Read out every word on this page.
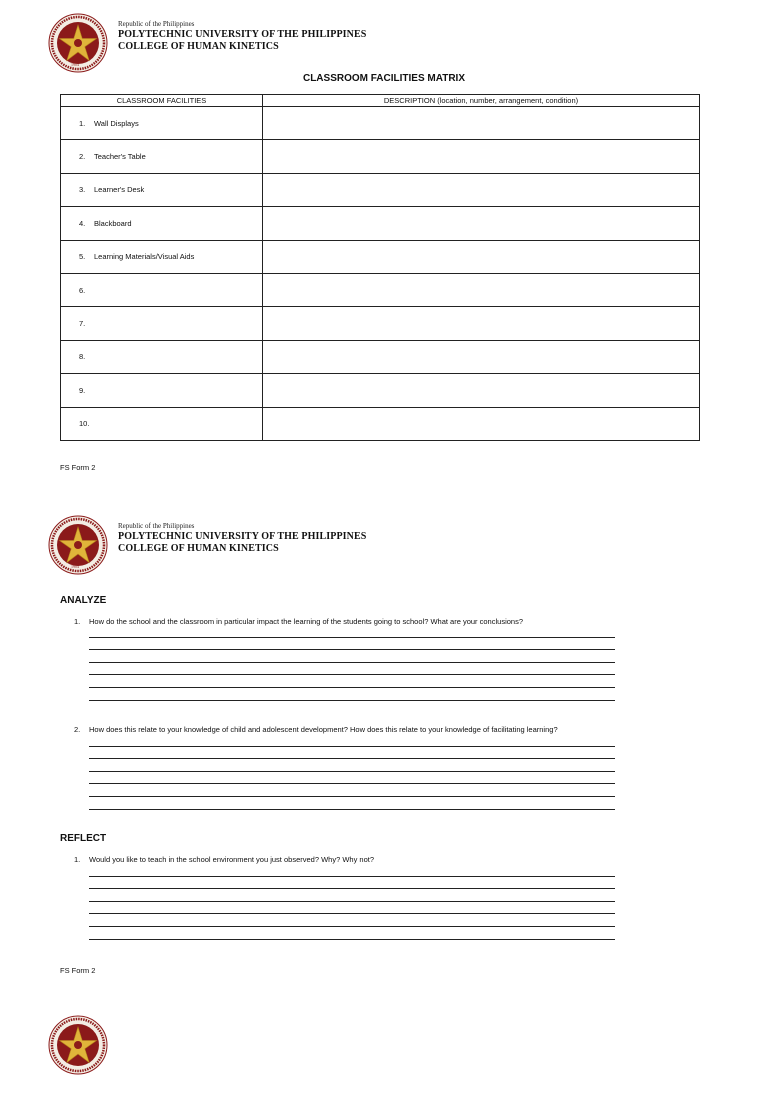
1904
Republic of the Philippines
POLYTECHNIC UNIVERSITY OF THE PHILIPPINES
COLLEGE OF HUMAN KINETICS
CLASSROOM FACILITIES MATRIX
CLASSROOM FACILITIES	DESCRIPTION (location, number, arrangement, condition)
1. Wall Displays	
2. Teacher's Table	
3. Learner's Desk	
4. Blackboard	
5. Learning Materials/Visual Aids	
6.	
7.	
8.	
9.	
10.	
FS Form 2
1904
Republic of the Philippines
POLYTECHNIC UNIVERSITY OF THE PHILIPPINES
COLLEGE OF HUMAN KINETICS
ANALYZE
1. How do the school and the classroom in particular impact the learning of the students going to school? What are your conclusions?
2. How does this relate to your knowledge of child and adolescent development? How does this relate to your knowledge of facilitating learning?
REFLECT
1. Would you like to teach in the school environment you just observed? Why? Why not?
FS Form 2
